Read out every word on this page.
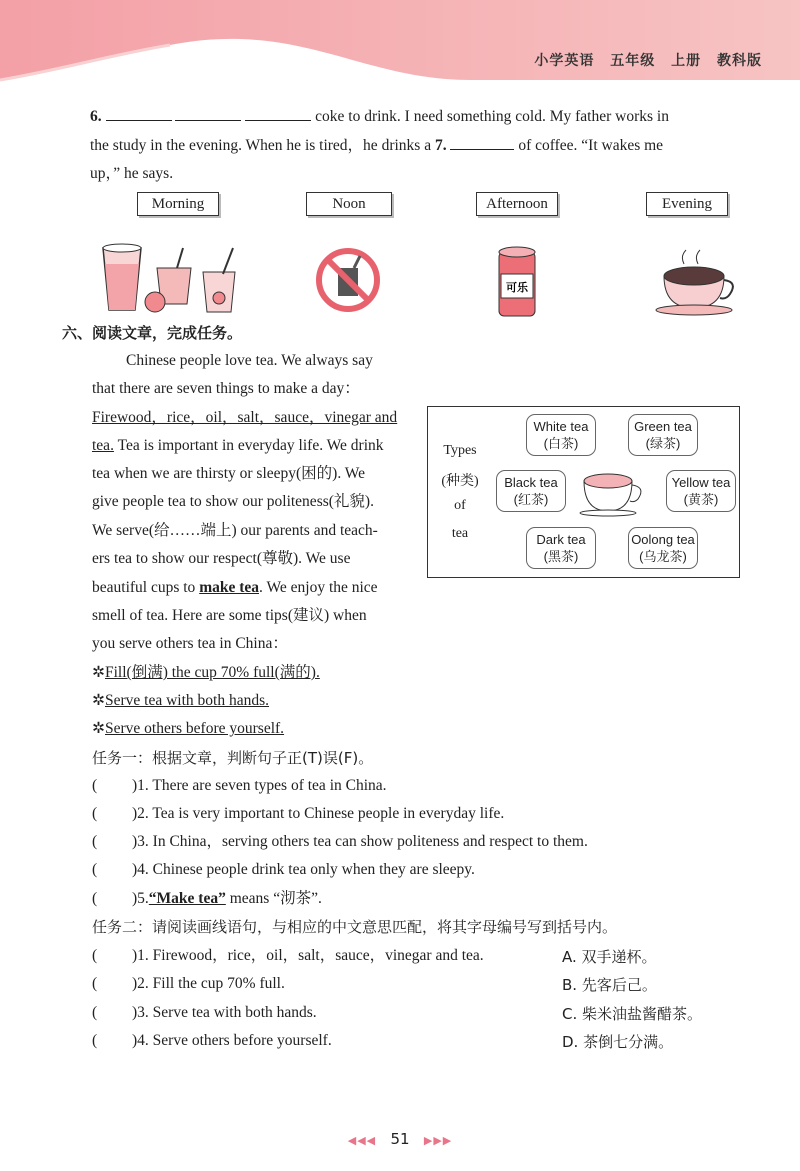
小学英语 五年级 上册 教科版
6.	coke to drink. I need something cold. My father works in
the study in the evening. When he is tired，he drinks a 7.	of coffee. “It wakes me
up，” he says.
Morning	Noon	Afternoon	Evening
可乐
六、阅读文章，完成任务。
Chinese people love tea. We always say
that there are seven things to make a day：
Firewood，rice，oil，salt，sauce，vinegar and
tea. Tea is important in everyday life. We drink
tea when we are thirsty or sleepy(困的). We
give people tea to show our politeness(礼貌).
We serve(给……端上) our parents and teach-
ers tea to show our respect(尊敬). We use
beautiful cups to make tea. We enjoy the nice
smell of tea. Here are some tips(建议) when
you serve others tea in China：
✲Fill(倒满) the cup 70% full(满的).
✲Serve tea with both hands.
✲Serve others before yourself.
Types
(种类)
of
tea
White tea
(白茶)
Green tea
(绿茶)
Black tea
(红茶)
Yellow tea
(黄茶)
Dark tea
(黑茶)
Oolong tea
(乌龙茶)
任务一：根据文章，判断句子正(T)误(F)。
( )1. There are seven types of tea in China.
( )2. Tea is very important to Chinese people in everyday life.
( )3. In China，serving others tea can show politeness and respect to them.
( )4. Chinese people drink tea only when they are sleepy.
( )5.“Make tea” means “沏茶”.
任务二：请阅读画线语句，与相应的中文意思匹配，将其字母编号写到括号内。
( )1. Firewood，rice，oil，salt，sauce，vinegar and tea.
( )2. Fill the cup 70% full.
( )3. Serve tea with both hands.
( )4. Serve others before yourself.
A. 双手递杯。
B. 先客后己。
C. 柴米油盐酱醋茶。
D. 茶倒七分满。
◀◀◀ 51 ▶▶▶
